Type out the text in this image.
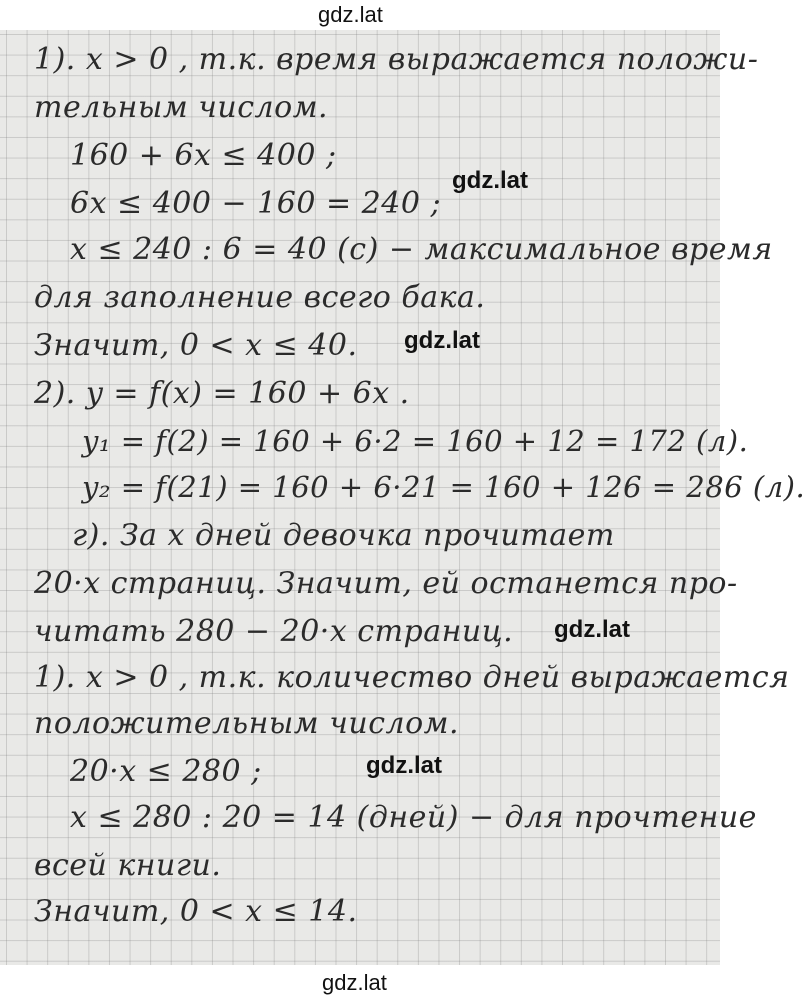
gdz.lat
1). x > 0 , т.к. время выражается положи-
тельным числом.
160 + 6x ≤ 400 ;
6x ≤ 400 − 160 = 240 ;
x ≤ 240 : 6 = 40 (с) − максимальное время
для заполнение всего бака.
Значит, 0 < x ≤ 40.
2). y = f(x) = 160 + 6x .
y₁ = f(2) = 160 + 6·2 = 160 + 12 = 172 (л).
y₂ = f(21) = 160 + 6·21 = 160 + 126 = 286 (л).
г). За x дней девочка прочитает
20·x страниц. Значит, ей останется про-
читать 280 − 20·x страниц.
1). x > 0 , т.к. количество дней выражается
положительным числом.
20·x ≤ 280 ;
x ≤ 280 : 20 = 14 (дней) − для прочтение
всей книги.
Значит, 0 < x ≤ 14.
gdz.lat
gdz.lat
gdz.lat
gdz.lat
gdz.lat
